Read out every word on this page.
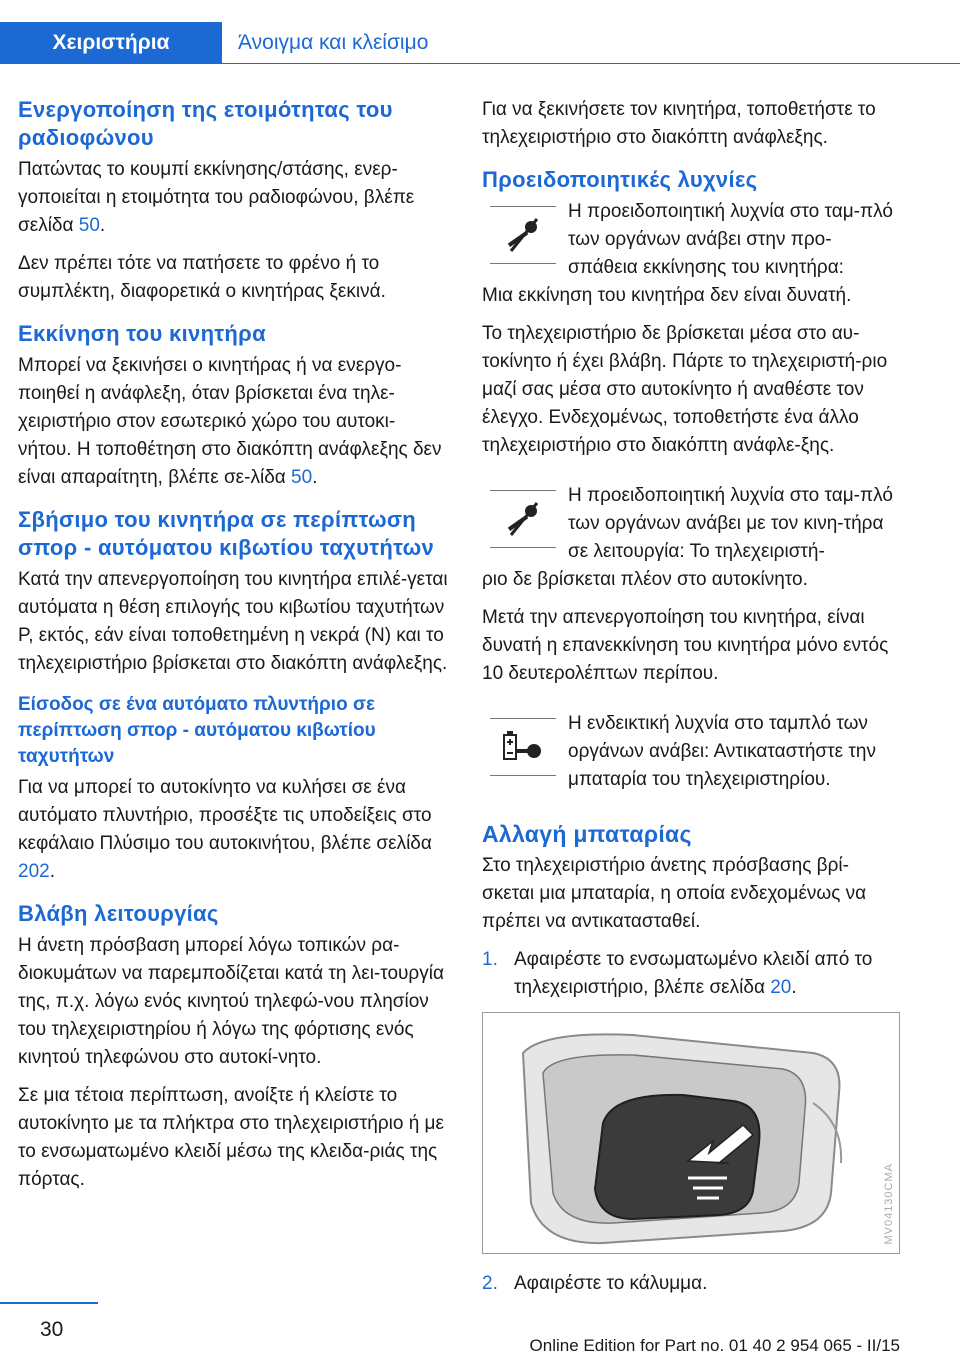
Χειριστήρια	Άνοιγμα και κλείσιμο
Ενεργοποίηση της ετοιμότητας του ραδιοφώνου

Πατώντας το κουμπί εκκίνησης/στάσης, ενερ‐γοποιείται η ετοιμότητα του ραδιοφώνου, βλέπε σελίδα 50.

Δεν πρέπει τότε να πατήσετε το φρένο ή το συμπλέκτη, διαφορετικά ο κινητήρας ξεκινά.

Εκκίνηση του κινητήρα

Μπορεί να ξεκινήσει ο κινητήρας ή να ενεργο‐ποιηθεί η ανάφλεξη, όταν βρίσκεται ένα τηλε‐χειριστήριο στον εσωτερικό χώρο του αυτοκι‐νήτου. Η τοποθέτηση στο διακόπτη ανάφλεξης δεν είναι απαραίτητη, βλέπε σε‐λίδα 50.

Σβήσιμο του κινητήρα σε περίπτωση σπορ - αυτόματου κιβωτίου ταχυτήτων

Κατά την απενεργοποίηση του κινητήρα επιλέ‐γεται αυτόματα η θέση επιλογής του κιβωτίου ταχυτήτων P, εκτός, εάν είναι τοποθετημένη η νεκρά (N) και το τηλεχειριστήριο βρίσκεται στο διακόπτη ανάφλεξης.

Είσοδος σε ένα αυτόματο πλυντήριο σε περίπτωση σπορ - αυτόματου κιβωτίου ταχυτήτων

Για να μπορεί το αυτοκίνητο να κυλήσει σε ένα αυτόματο πλυντήριο, προσέξτε τις υποδείξεις στο κεφάλαιο Πλύσιμο του αυτοκινήτου, βλέπε σελίδα 202.

Βλάβη λειτουργίας

Η άνετη πρόσβαση μπορεί λόγω τοπικών ρα‐διοκυμάτων να παρεμποδίζεται κατά τη λει‐τουργία της, π.χ. λόγω ενός κινητού τηλεφώ‐νου πλησίον του τηλεχειριστηρίου ή λόγω της φόρτισης ενός κινητού τηλεφώνου στο αυτοκί‐νητο.

Σε μια τέτοια περίπτωση, ανοίξτε ή κλείστε το αυτοκίνητο με τα πλήκτρα στο τηλεχειριστήριο ή με το ενσωματωμένο κλειδί μέσω της κλειδα‐ριάς της πόρτας.

Για να ξεκινήσετε τον κινητήρα, τοποθετήστε το τηλεχειριστήριο στο διακόπτη ανάφλεξης.

Προειδοποιητικές λυχνίες
Η προειδοποιητική λυχνία στο ταμ‐πλό των οργάνων ανάβει στην προ‐σπάθεια εκκίνησης του κινητήρα:

Μια εκκίνηση του κινητήρα δεν είναι δυνατή.

Το τηλεχειριστήριο δε βρίσκεται μέσα στο αυ‐τοκίνητο ή έχει βλάβη. Πάρτε το τηλεχειριστή‐ριο μαζί σας μέσα στο αυτοκίνητο ή αναθέστε τον έλεγχο. Ενδεχομένως, τοποθετήστε ένα άλλο τηλεχειριστήριο στο διακόπτη ανάφλε‐ξης.

Η προειδοποιητική λυχνία στο ταμ‐πλό των οργάνων ανάβει με τον κινη‐τήρα σε λειτουργία: Το τηλεχειριστή‐

ριο δε βρίσκεται πλέον στο αυτοκίνητο.

Μετά την απενεργοποίηση του κινητήρα, είναι δυνατή η επανεκκίνηση του κινητήρα μόνο εντός 10 δευτερολέπτων περίπου.

Η ενδεικτική λυχνία στο ταμπλό των οργάνων ανάβει: Αντικαταστήστε την μπαταρία του τηλεχειριστηρίου.
Αλλαγή μπαταρίας

Στο τηλεχειριστήριο άνετης πρόσβασης βρί‐σκεται μια μπαταρία, η οποία ενδεχομένως να πρέπει να αντικατασταθεί.

1. Αφαιρέστε το ενσωματωμένο κλειδί από το τηλεχειριστήριο, βλέπε σελίδα 20.
MV04130CMA
2. Αφαιρέστε το κάλυμμα.
30
Online Edition for Part no. 01 40 2 954 065 - II/15
